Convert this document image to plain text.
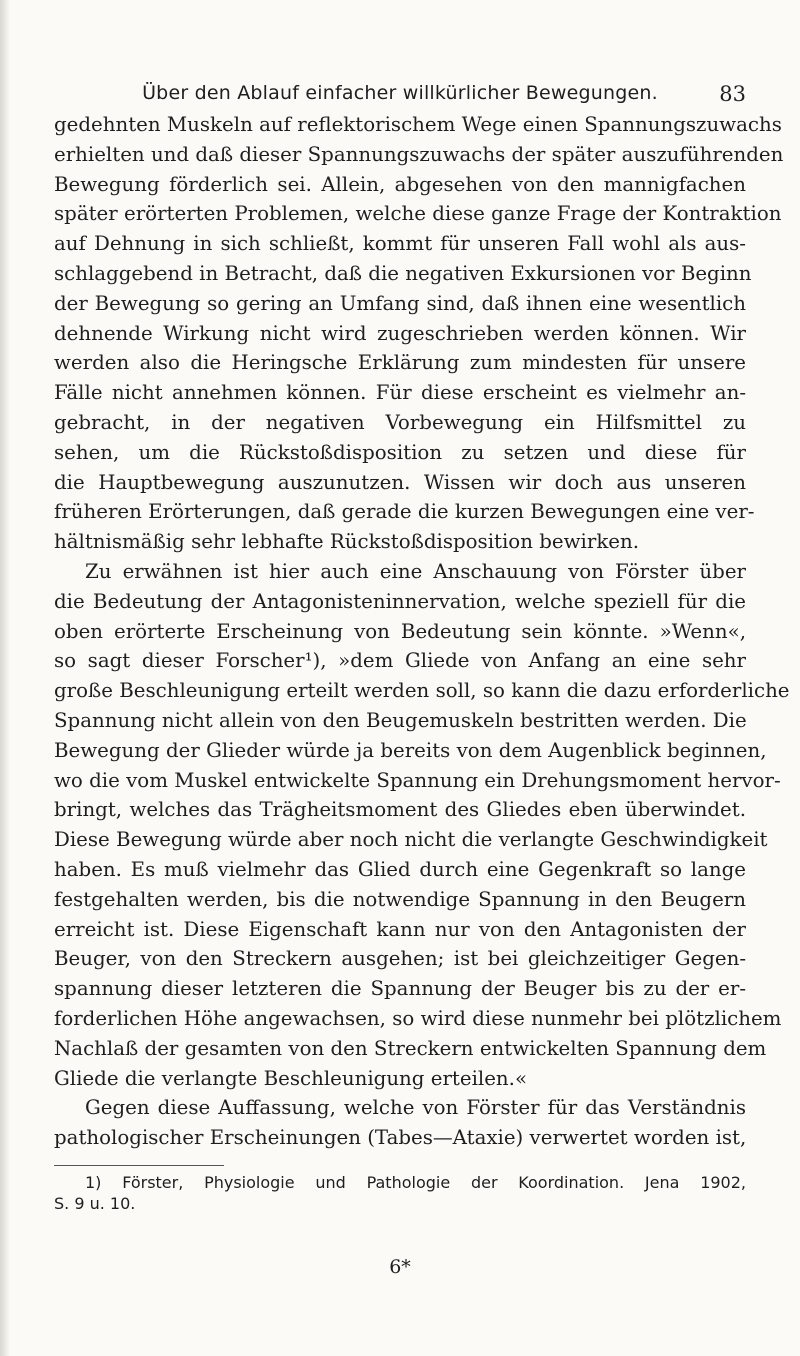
Über den Ablauf einfacher willkürlicher Bewegungen.	83
gedehnten Muskeln auf reflektorischem Wege einen Spannungszuwachs
erhielten und daß dieser Spannungszuwachs der später auszuführenden
Bewegung förderlich sei. Allein, abgesehen von den mannigfachen
später erörterten Problemen, welche diese ganze Frage der Kontraktion
auf Dehnung in sich schließt, kommt für unseren Fall wohl als aus-
schlaggebend in Betracht, daß die negativen Exkursionen vor Beginn
der Bewegung so gering an Umfang sind, daß ihnen eine wesentlich
dehnende Wirkung nicht wird zugeschrieben werden können. Wir
werden also die Heringsche Erklärung zum mindesten für unsere
Fälle nicht annehmen können. Für diese erscheint es vielmehr an-
gebracht, in der negativen Vorbewegung ein Hilfsmittel zu
sehen, um die Rückstoßdisposition zu setzen und diese für
die Hauptbewegung auszunutzen. Wissen wir doch aus unseren
früheren Erörterungen, daß gerade die kurzen Bewegungen eine ver-
hältnismäßig sehr lebhafte Rückstoßdisposition bewirken.
Zu erwähnen ist hier auch eine Anschauung von Förster über
die Bedeutung der Antagonisteninnervation, welche speziell für die
oben erörterte Erscheinung von Bedeutung sein könnte. »Wenn«,
so sagt dieser Forscher¹), »dem Gliede von Anfang an eine sehr
große Beschleunigung erteilt werden soll, so kann die dazu erforderliche
Spannung nicht allein von den Beugemuskeln bestritten werden. Die
Bewegung der Glieder würde ja bereits von dem Augenblick beginnen,
wo die vom Muskel entwickelte Spannung ein Drehungsmoment hervor-
bringt, welches das Trägheitsmoment des Gliedes eben überwindet.
Diese Bewegung würde aber noch nicht die verlangte Geschwindigkeit
haben. Es muß vielmehr das Glied durch eine Gegenkraft so lange
festgehalten werden, bis die notwendige Spannung in den Beugern
erreicht ist. Diese Eigenschaft kann nur von den Antagonisten der
Beuger, von den Streckern ausgehen; ist bei gleichzeitiger Gegen-
spannung dieser letzteren die Spannung der Beuger bis zu der er-
forderlichen Höhe angewachsen, so wird diese nunmehr bei plötzlichem
Nachlaß der gesamten von den Streckern entwickelten Spannung dem
Gliede die verlangte Beschleunigung erteilen.«
Gegen diese Auffassung, welche von Förster für das Verständnis
pathologischer Erscheinungen (Tabes—Ataxie) verwertet worden ist,
1) Förster, Physiologie und Pathologie der Koordination. Jena 1902,
S. 9 u. 10.
6*
